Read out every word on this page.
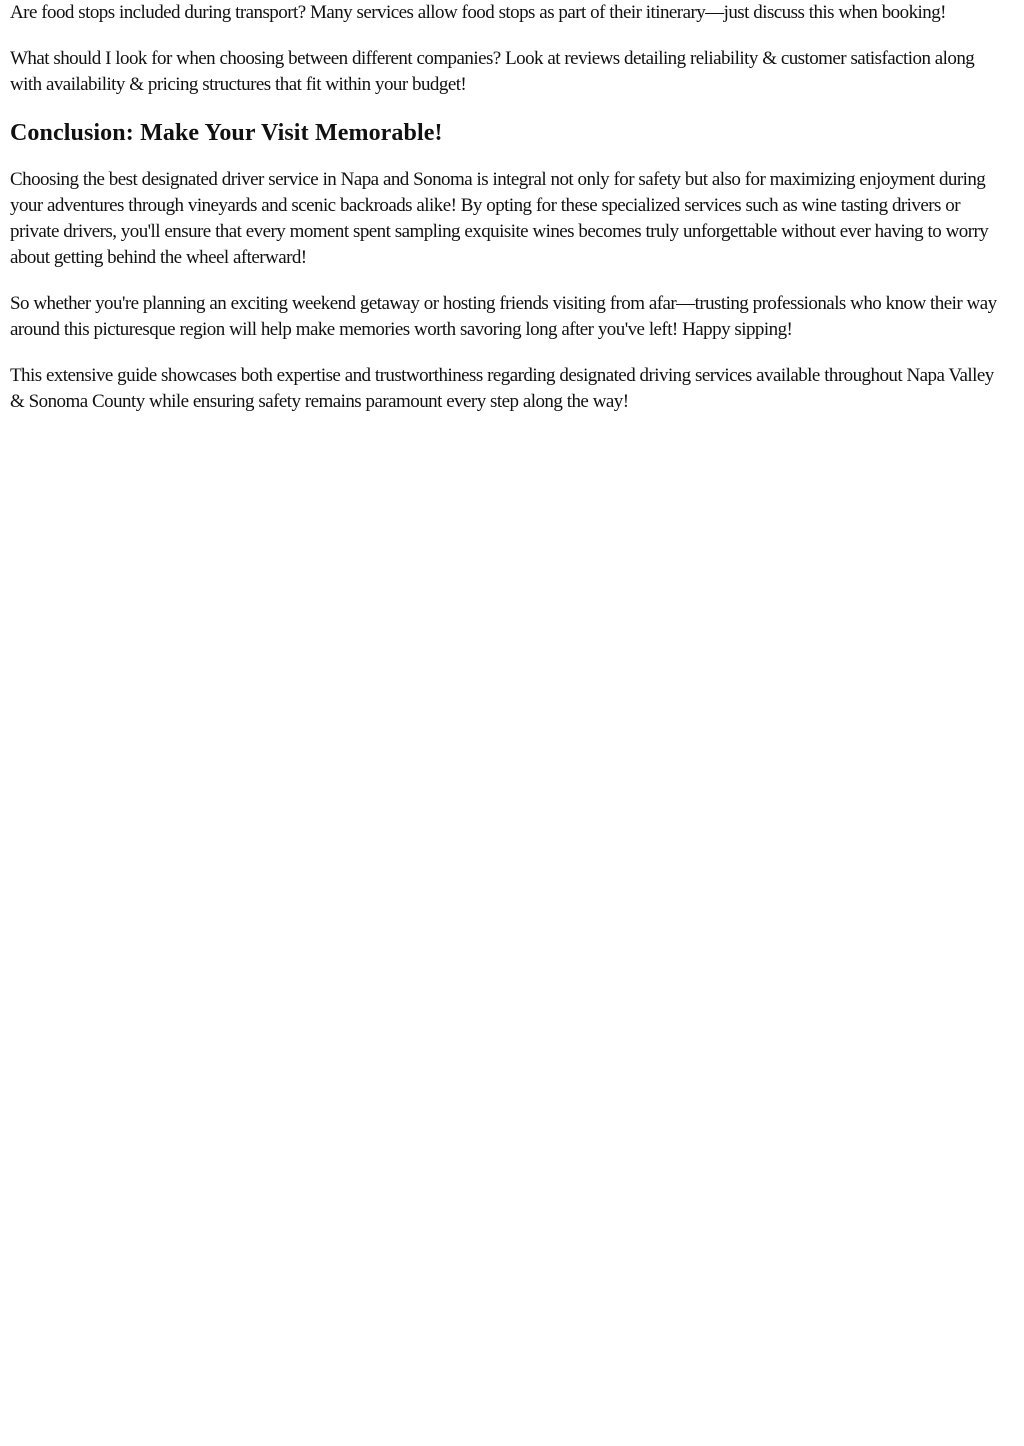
Are food stops included during transport? Many services allow food stops as part of their itinerary—just discuss this when booking!

What should I look for when choosing between different companies? Look at reviews detailing reliability & customer satisfaction along with availability & pricing structures that fit within your budget!

Conclusion: Make Your Visit Memorable!

Choosing the best designated driver service in Napa and Sonoma is integral not only for safety but also for maximizing enjoyment during your adventures through vineyards and scenic backroads alike! By opting for these specialized services such as wine tasting drivers or private drivers, you'll ensure that every moment spent sampling exquisite wines becomes truly unforgettable without ever having to worry about getting behind the wheel afterward!

So whether you're planning an exciting weekend getaway or hosting friends visiting from afar—trusting professionals who know their way around this picturesque region will help make memories worth savoring long after you've left! Happy sipping!

This extensive guide showcases both expertise and trustworthiness regarding designated driving services available throughout Napa Valley & Sonoma County while ensuring safety remains paramount every step along the way!
